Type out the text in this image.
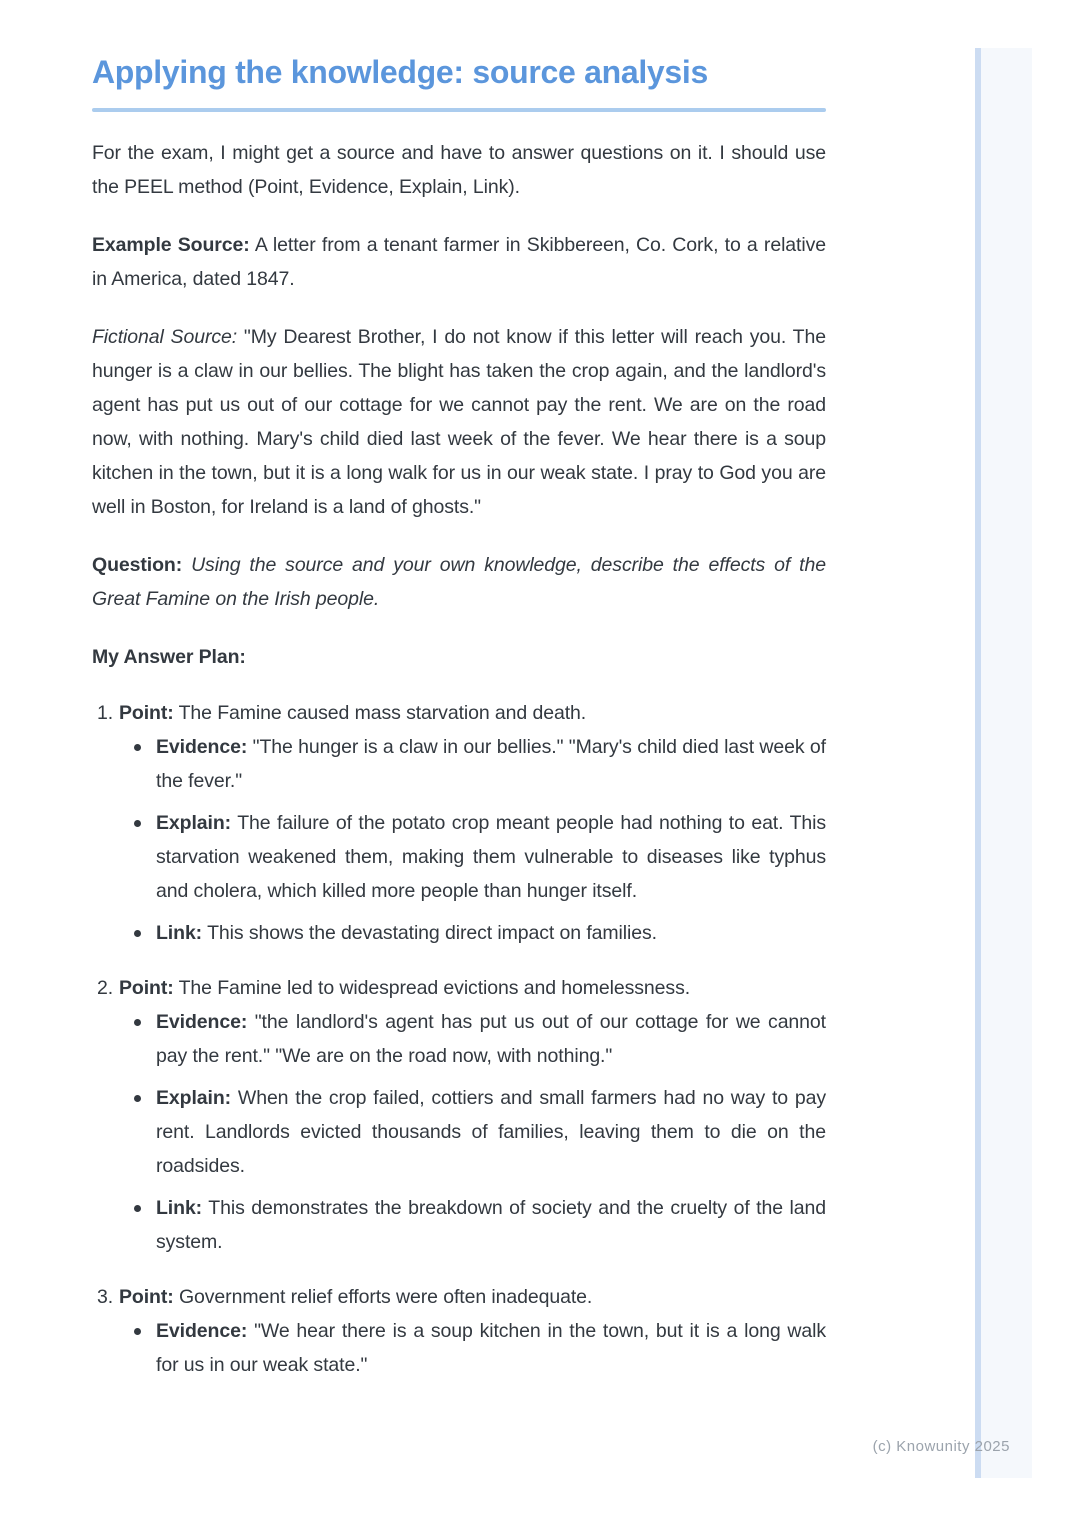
Applying the knowledge: source analysis

For the exam, I might get a source and have to answer questions on it. I should use the PEEL method (Point, Evidence, Explain, Link).

Example Source: A letter from a tenant farmer in Skibbereen, Co. Cork, to a relative in America, dated 1847.

Fictional Source: "My Dearest Brother, I do not know if this letter will reach you. The hunger is a claw in our bellies. The blight has taken the crop again, and the landlord's agent has put us out of our cottage for we cannot pay the rent. We are on the road now, with nothing. Mary's child died last week of the fever. We hear there is a soup kitchen in the town, but it is a long walk for us in our weak state. I pray to God you are well in Boston, for Ireland is a land of ghosts."

Question: Using the source and your own knowledge, describe the effects of the Great Famine on the Irish people.

My Answer Plan:

1. Point: The Famine caused mass starvation and death.
Evidence: "The hunger is a claw in our bellies." "Mary's child died last week of the fever."
Explain: The failure of the potato crop meant people had nothing to eat. This starvation weakened them, making them vulnerable to diseases like typhus and cholera, which killed more people than hunger itself.
Link: This shows the devastating direct impact on families.
2. Point: The Famine led to widespread evictions and homelessness.
Evidence: "the landlord's agent has put us out of our cottage for we cannot pay the rent." "We are on the road now, with nothing."
Explain: When the crop failed, cottiers and small farmers had no way to pay rent. Landlords evicted thousands of families, leaving them to die on the roadsides.
Link: This demonstrates the breakdown of society and the cruelty of the land system.
3. Point: Government relief efforts were often inadequate.
Evidence: "We hear there is a soup kitchen in the town, but it is a long walk for us in our weak state."
(c) Knowunity 2025
